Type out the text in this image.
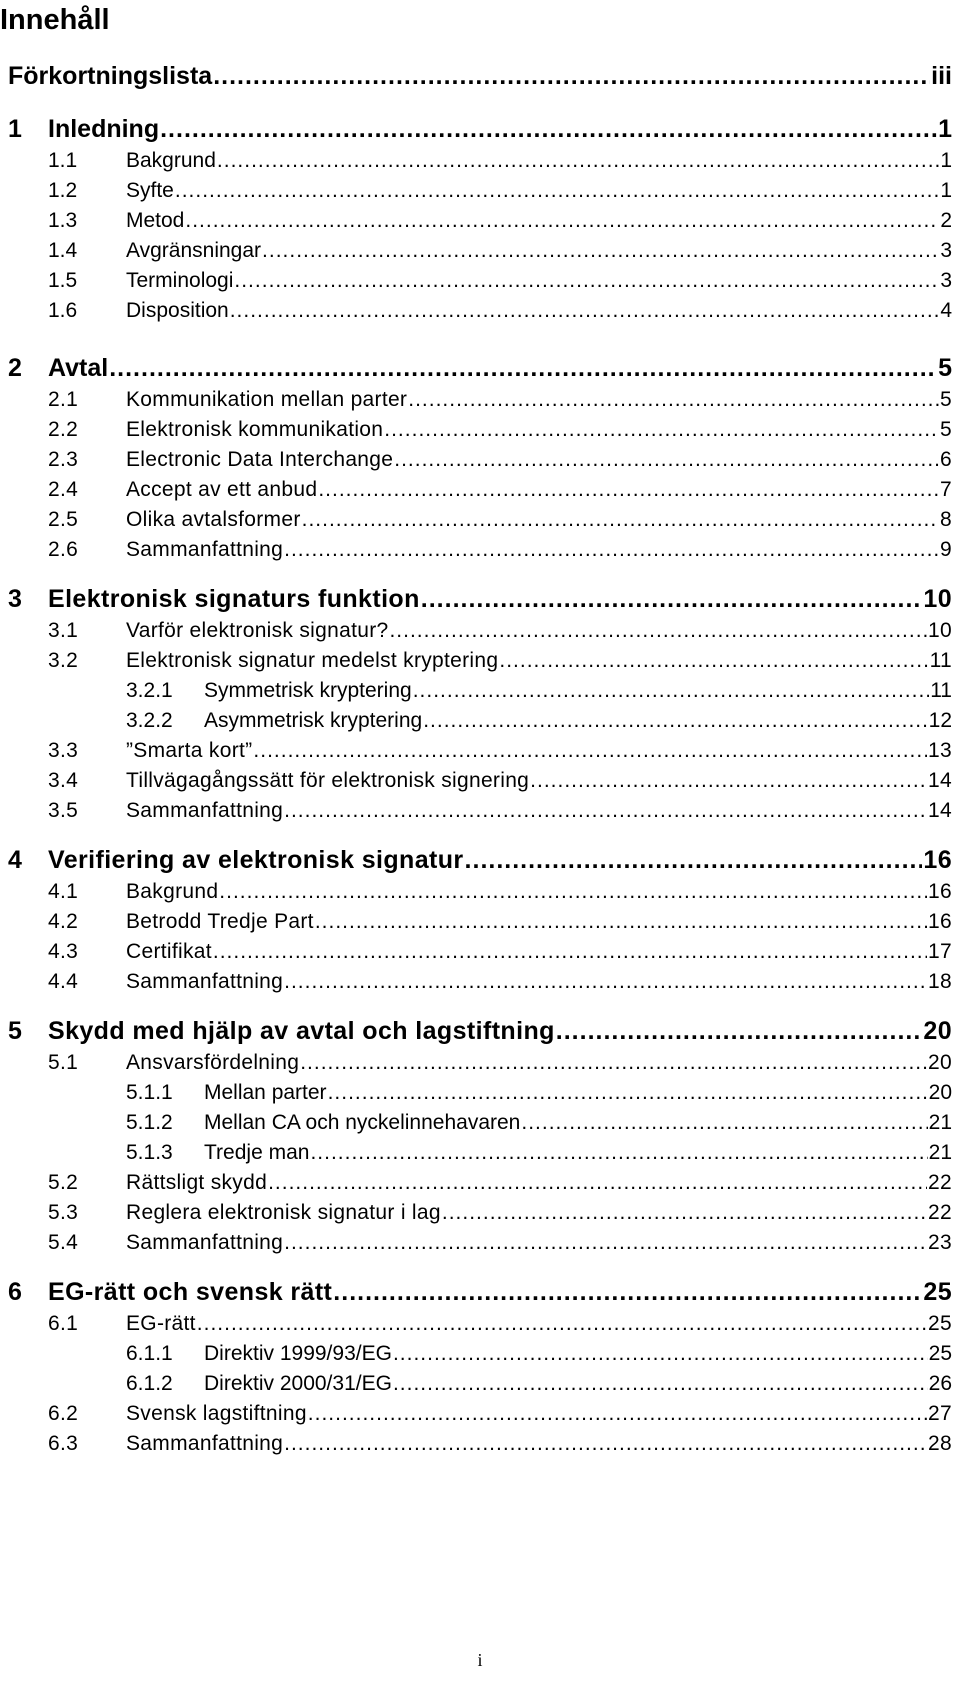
Innehåll
Förkortningslista .....	iii
1	Inledning .....	1
1.1	Bakgrund .....	1
1.2	Syfte .....	1
1.3	Metod .....	2
1.4	Avgränsningar .....	3
1.5	Terminologi .....	3
1.6	Disposition .....	4
2	Avtal .....	5
2.1	Kommunikation mellan parter .....	5
2.2	Elektronisk kommunikation .....	5
2.3	Electronic Data Interchange .....	6
2.4	Accept av ett anbud .....	7
2.5	Olika avtalsformer .....	8
2.6	Sammanfattning .....	9
3	Elektronisk signaturs funktion .....	10
3.1	Varför elektronisk signatur? .....	10
3.2	Elektronisk signatur medelst kryptering .....	11
3.2.1	Symmetrisk kryptering .....	11
3.2.2	Asymmetrisk kryptering .....	12
3.3	”Smarta kort” .....	13
3.4	Tillvägagångssätt för elektronisk signering .....	14
3.5	Sammanfattning .....	14
4	Verifiering av elektronisk signatur .....	16
4.1	Bakgrund .....	16
4.2	Betrodd Tredje Part .....	16
4.3	Certifikat .....	17
4.4	Sammanfattning .....	18
5	Skydd med hjälp av avtal och lagstiftning .....	20
5.1	Ansvarsfördelning .....	20
5.1.1	Mellan parter .....	20
5.1.2	Mellan CA och nyckelinnehavaren .....	21
5.1.3	Tredje man .....	21
5.2	Rättsligt skydd .....	22
5.3	Reglera elektronisk signatur i lag .....	22
5.4	Sammanfattning .....	23
6	EG-rätt och svensk rätt .....	25
6.1	EG-rätt .....	25
6.1.1	Direktiv 1999/93/EG .....	25
6.1.2	Direktiv 2000/31/EG .....	26
6.2	Svensk lagstiftning .....	27
6.3	Sammanfattning .....	28
i
